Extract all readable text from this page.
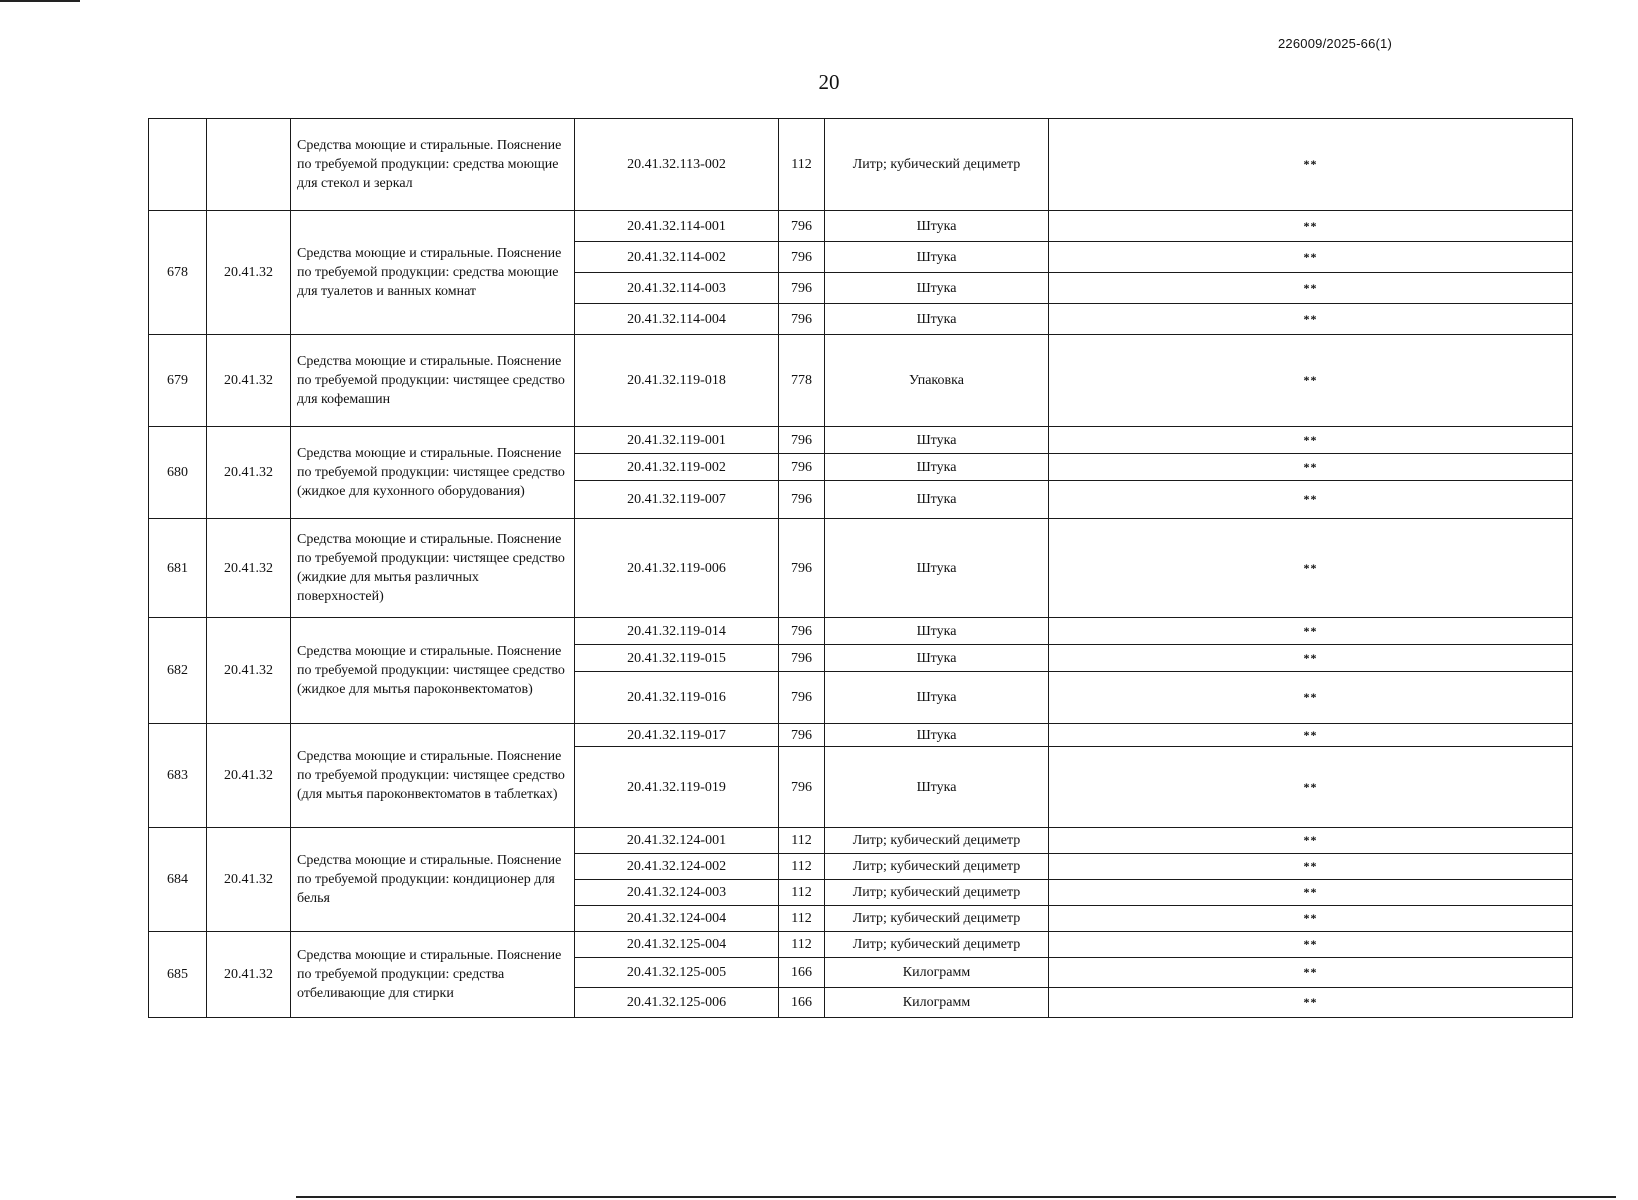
226009/2025-66(1)
20
		Средства моющие и стиральные. Пояснение по требуемой продукции: средства моющие для стекол и зеркал	20.41.32.113-002	112	Литр; кубический дециметр	**
678	20.41.32	Средства моющие и стиральные. Пояснение по требуемой продукции: средства моющие для туалетов и ванных комнат	20.41.32.114-001	796	Штука	**
			20.41.32.114-002	796	Штука	**
			20.41.32.114-003	796	Штука	**
			20.41.32.114-004	796	Штука	**
679	20.41.32	Средства моющие и стиральные. Пояснение по требуемой продукции: чистящее средство для кофемашин	20.41.32.119-018	778	Упаковка	**
680	20.41.32	Средства моющие и стиральные. Пояснение по требуемой продукции: чистящее средство (жидкое для кухонного оборудования)	20.41.32.119-001	796	Штука	**
			20.41.32.119-002	796	Штука	**
			20.41.32.119-007	796	Штука	**
681	20.41.32	Средства моющие и стиральные. Пояснение по требуемой продукции: чистящее средство (жидкие для мытья различных поверхностей)	20.41.32.119-006	796	Штука	**
682	20.41.32	Средства моющие и стиральные. Пояснение по требуемой продукции: чистящее средство (жидкое для мытья пароконвектоматов)	20.41.32.119-014	796	Штука	**
			20.41.32.119-015	796	Штука	**
			20.41.32.119-016	796	Штука	**
683	20.41.32	Средства моющие и стиральные. Пояснение по требуемой продукции: чистящее средство (для мытья пароконвектоматов в таблетках)	20.41.32.119-017	796	Штука	**
			20.41.32.119-019	796	Штука	**
684	20.41.32	Средства моющие и стиральные. Пояснение по требуемой продукции: кондиционер для белья	20.41.32.124-001	112	Литр; кубический дециметр	**
			20.41.32.124-002	112	Литр; кубический дециметр	**
			20.41.32.124-003	112	Литр; кубический дециметр	**
			20.41.32.124-004	112	Литр; кубический дециметр	**
685	20.41.32	Средства моющие и стиральные. Пояснение по требуемой продукции: средства отбеливающие для стирки	20.41.32.125-004	112	Литр; кубический дециметр	**
			20.41.32.125-005	166	Килограмм	**
			20.41.32.125-006	166	Килограмм	**
